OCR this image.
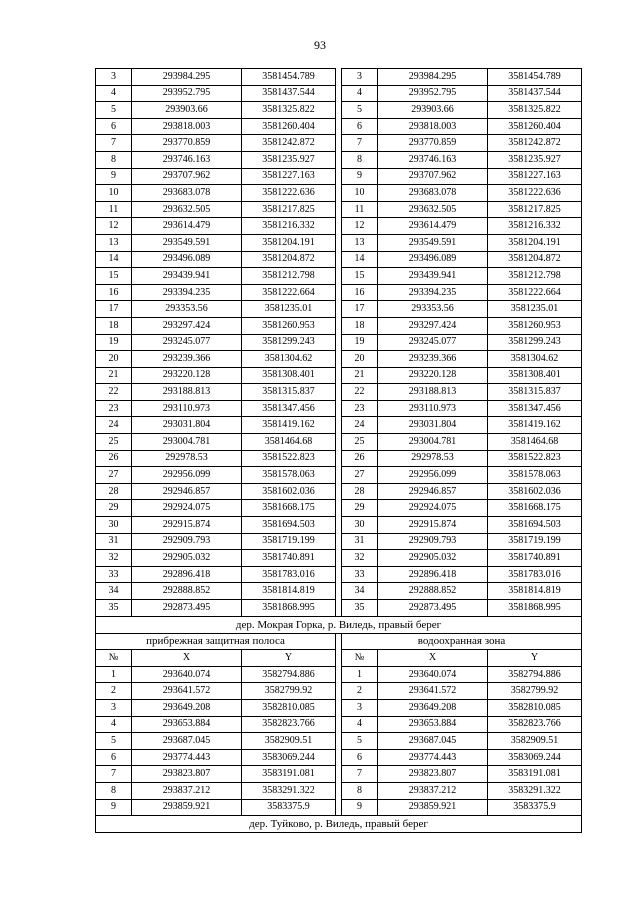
93
3	293984.295	3581454.789		3	293984.295	3581454.789
4	293952.795	3581437.544		4	293952.795	3581437.544
5	293903.66	3581325.822		5	293903.66	3581325.822
6	293818.003	3581260.404		6	293818.003	3581260.404
7	293770.859	3581242.872		7	293770.859	3581242.872
8	293746.163	3581235.927		8	293746.163	3581235.927
9	293707.962	3581227.163		9	293707.962	3581227.163
10	293683.078	3581222.636		10	293683.078	3581222.636
11	293632.505	3581217.825		11	293632.505	3581217.825
12	293614.479	3581216.332		12	293614.479	3581216.332
13	293549.591	3581204.191		13	293549.591	3581204.191
14	293496.089	3581204.872		14	293496.089	3581204.872
15	293439.941	3581212.798		15	293439.941	3581212.798
16	293394.235	3581222.664		16	293394.235	3581222.664
17	293353.56	3581235.01		17	293353.56	3581235.01
18	293297.424	3581260.953		18	293297.424	3581260.953
19	293245.077	3581299.243		19	293245.077	3581299.243
20	293239.366	3581304.62		20	293239.366	3581304.62
21	293220.128	3581308.401		21	293220.128	3581308.401
22	293188.813	3581315.837		22	293188.813	3581315.837
23	293110.973	3581347.456		23	293110.973	3581347.456
24	293031.804	3581419.162		24	293031.804	3581419.162
25	293004.781	3581464.68		25	293004.781	3581464.68
26	292978.53	3581522.823		26	292978.53	3581522.823
27	292956.099	3581578.063		27	292956.099	3581578.063
28	292946.857	3581602.036		28	292946.857	3581602.036
29	292924.075	3581668.175		29	292924.075	3581668.175
30	292915.874	3581694.503		30	292915.874	3581694.503
31	292909.793	3581719.199		31	292909.793	3581719.199
32	292905.032	3581740.891		32	292905.032	3581740.891
33	292896.418	3581783.016		33	292896.418	3581783.016
34	292888.852	3581814.819		34	292888.852	3581814.819
35	292873.495	3581868.995		35	292873.495	3581868.995
дер. Мокрая Горка, р. Виледь, правый берег						
прибрежная защитная полоса				водоохранная зона		
№	X	Y		№	X	Y
1	293640.074	3582794.886		1	293640.074	3582794.886
2	293641.572	3582799.92		2	293641.572	3582799.92
3	293649.208	3582810.085		3	293649.208	3582810.085
4	293653.884	3582823.766		4	293653.884	3582823.766
5	293687.045	3582909.51		5	293687.045	3582909.51
6	293774.443	3583069.244		6	293774.443	3583069.244
7	293823.807	3583191.081		7	293823.807	3583191.081
8	293837.212	3583291.322		8	293837.212	3583291.322
9	293859.921	3583375.9		9	293859.921	3583375.9
дер. Туйково, р. Виледь, правый берег						
